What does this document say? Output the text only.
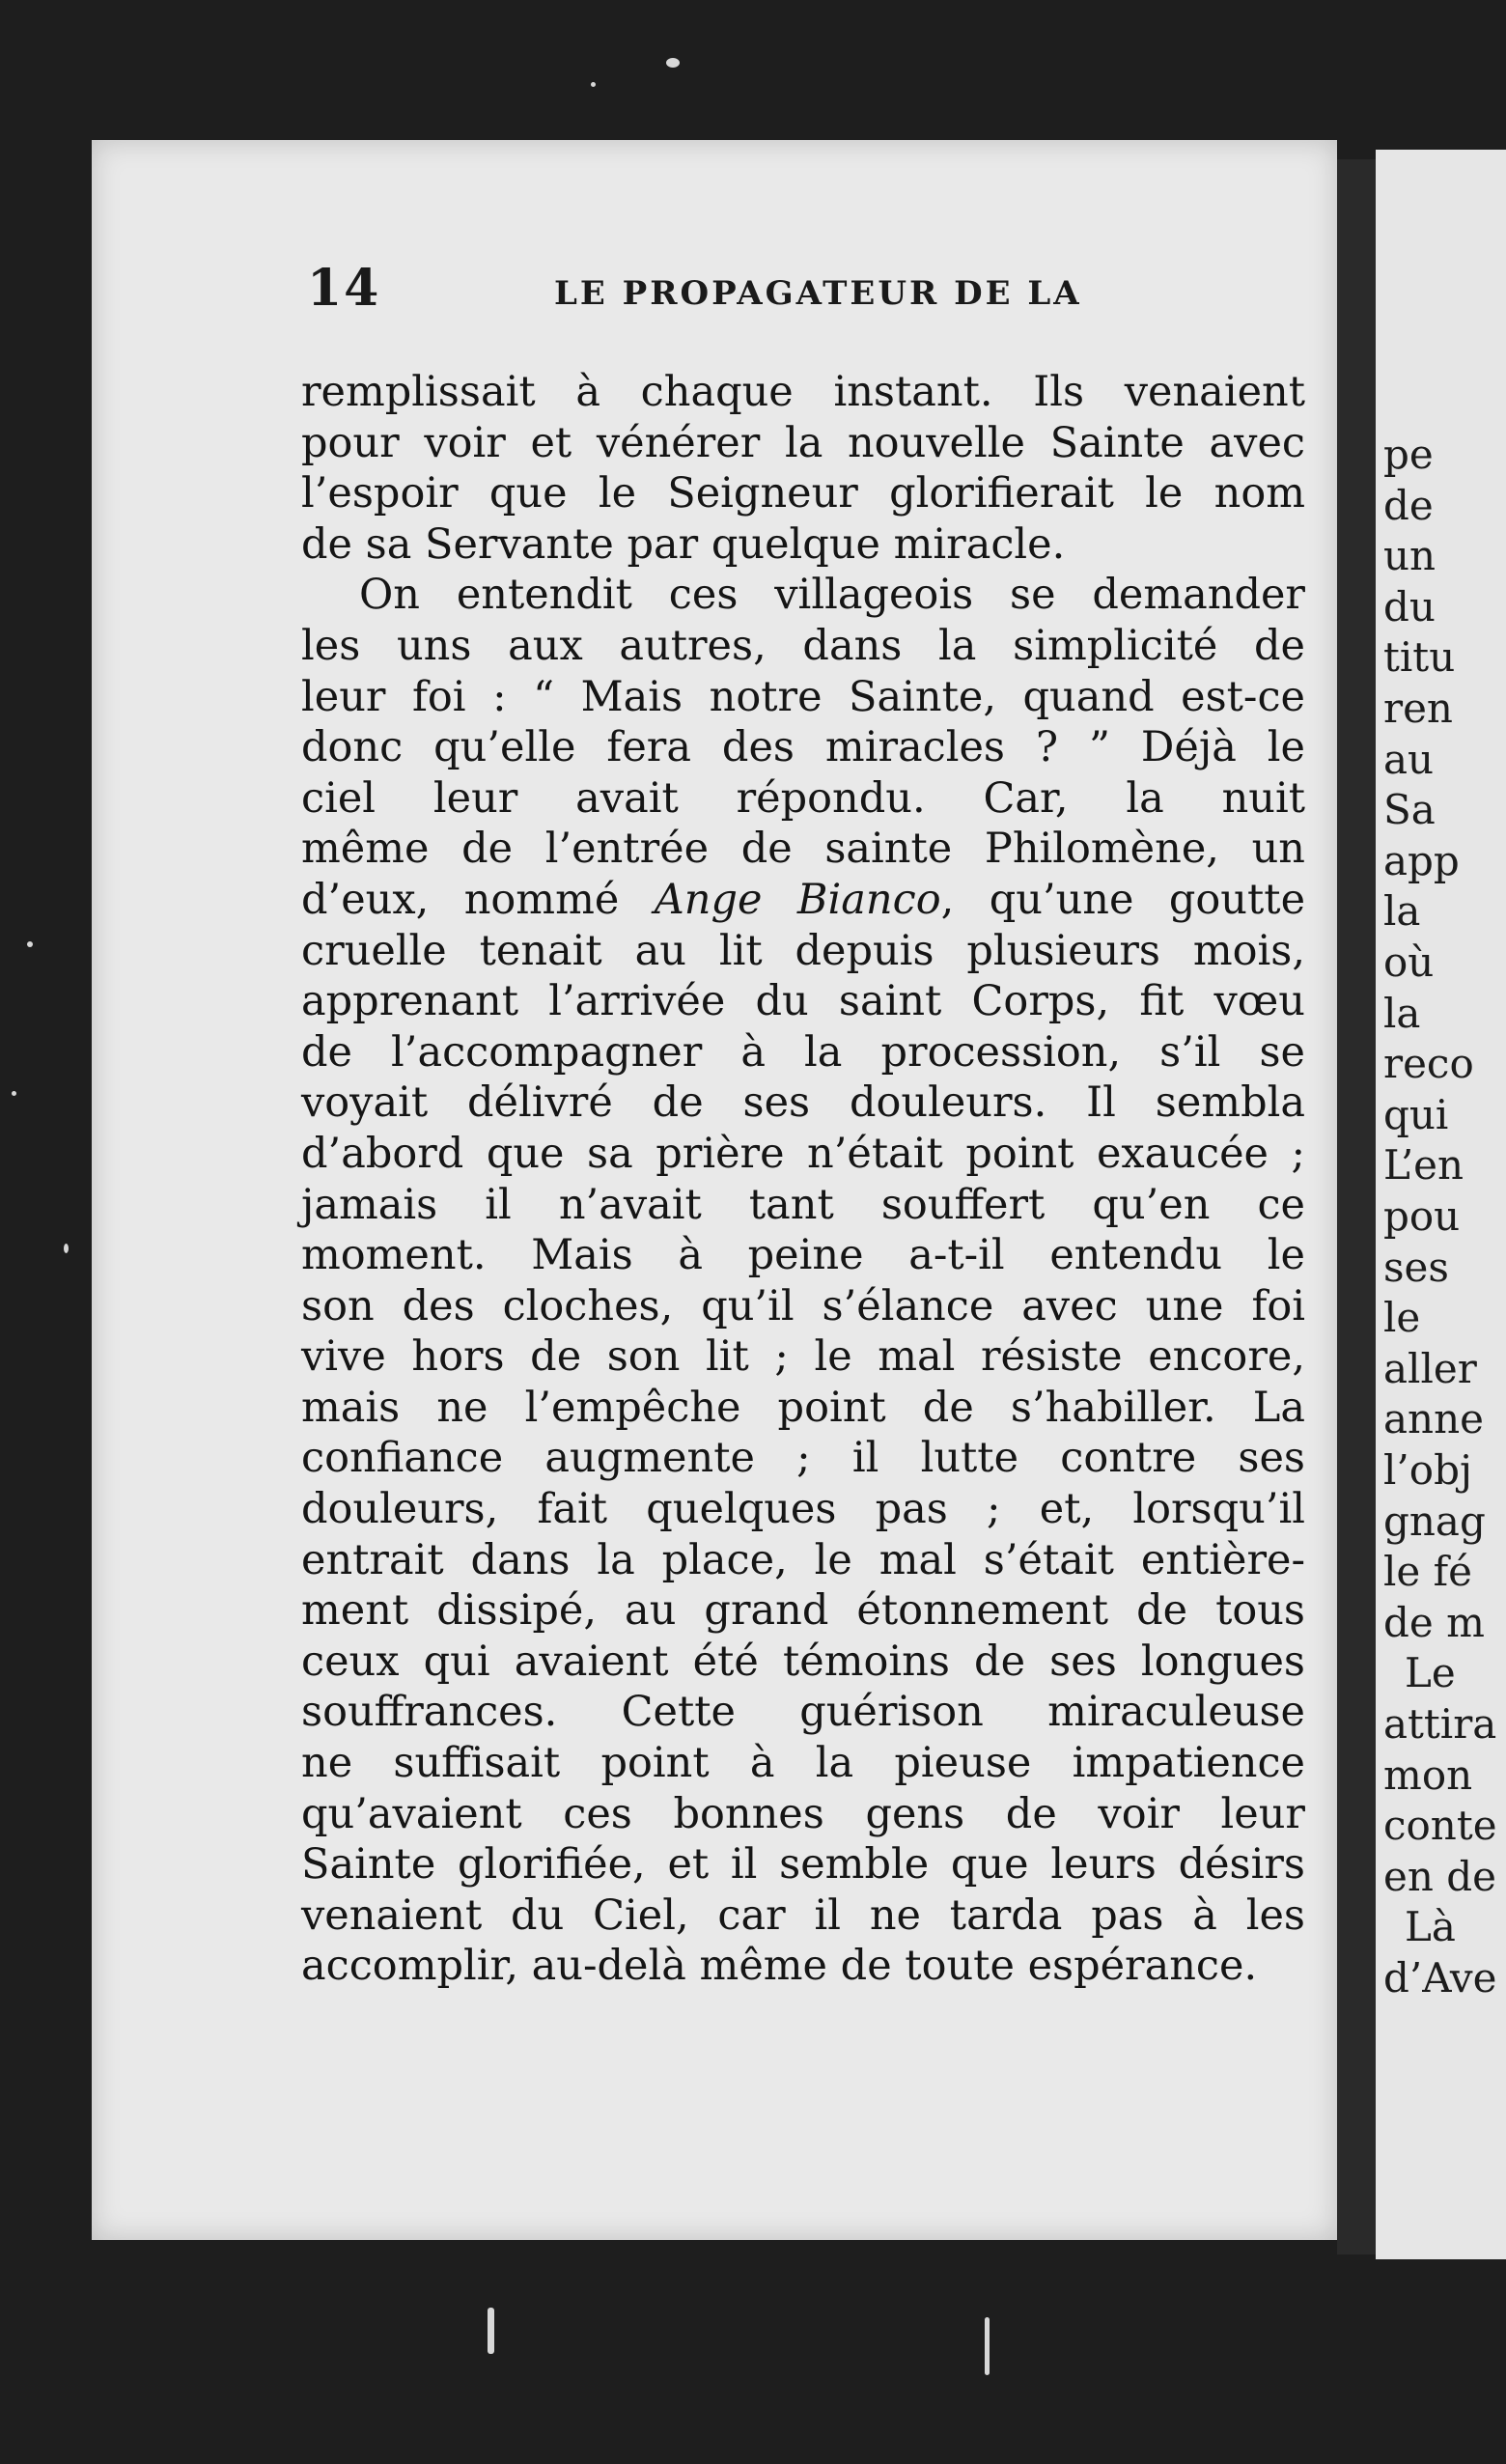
pe
de
un
du
titu
ren
au
Sa
app
la
où
la
reco
qui
L’en
pou
ses
le
aller
anne
l’obj
gnag
le fé
de m
Le
attira
mon
conte
en de
Là
d’Ave
14	LE PROPAGATEUR DE LA
remplissait à chaque instant. Ils venaient
pour voir et vénérer la nouvelle Sainte avec
l’espoir que le Seigneur glorifierait le nom
de sa Servante par quelque miracle.
On entendit ces villageois se demander
les uns aux autres, dans la simplicité de
leur foi : “ Mais notre Sainte, quand est-ce
donc qu’elle fera des miracles ? ” Déjà le
ciel leur avait répondu. Car, la nuit
même de l’entrée de sainte Philomène, un
d’eux, nommé Ange Bianco, qu’une goutte
cruelle tenait au lit depuis plusieurs mois,
apprenant l’arrivée du saint Corps, fit vœu
de l’accompagner à la procession, s’il se
voyait délivré de ses douleurs. Il sembla
d’abord que sa prière n’était point exaucée ;
jamais il n’avait tant souffert qu’en ce
moment. Mais à peine a-t-il entendu le
son des cloches, qu’il s’élance avec une foi
vive hors de son lit ; le mal résiste encore,
mais ne l’empêche point de s’habiller. La
confiance augmente ; il lutte contre ses
douleurs, fait quelques pas ; et, lorsqu’il
entrait dans la place, le mal s’était entière-
ment dissipé, au grand étonnement de tous
ceux qui avaient été témoins de ses longues
souffrances. Cette guérison miraculeuse
ne suffisait point à la pieuse impatience
qu’avaient ces bonnes gens de voir leur
Sainte glorifiée, et il semble que leurs désirs
venaient du Ciel, car il ne tarda pas à les
accomplir, au-delà même de toute espérance.
